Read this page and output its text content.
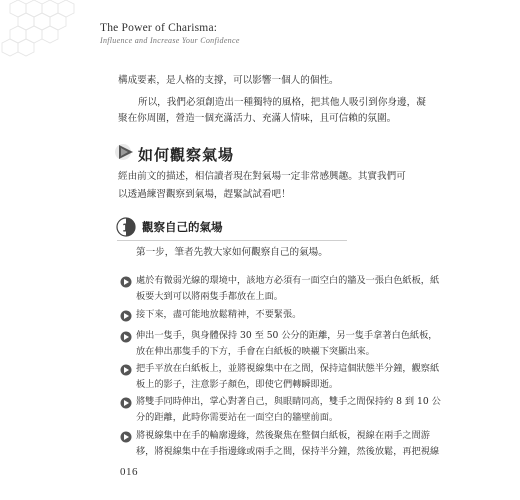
The Power of Charisma:
Influence and Increase Your Confidence
構成要素，是人格的支撐，可以影響一個人的個性。
所以，我們必須創造出一種獨特的風格，把其他人吸引到你身邊，凝
聚在你周圍，營造一個充滿活力、充滿人情味，且可信賴的氛圍。
如何觀察氣場
經由前文的描述，相信讀者現在對氣場一定非常感興趣。其實我們可
以透過練習觀察到氣場，趕緊試試看吧！
1 觀察自己的氣場
第一步，筆者先教大家如何觀察自己的氣場。
處於有微弱光線的環境中，該地方必須有一面空白的牆及一張白色紙板，紙
板要大到可以將兩隻手都放在上面。
接下來，盡可能地放鬆精神，不要緊張。
伸出一隻手，與身體保持 30 至 50 公分的距離，另一隻手拿著白色紙板，
放在伸出那隻手的下方，手會在白紙板的映襯下突顯出來。
把手平放在白紙板上，並將視線集中在之間，保持這個狀態半分鐘，觀察紙
板上的影子，注意影子顏色，即使它們轉瞬即逝。
將雙手同時伸出，掌心對著自己，與眼睛同高，雙手之間保持約 8 到 10 公
分的距離，此時你需要站在一面空白的牆壁前面。
將視線集中在手的輪廓邊緣，然後聚焦在整個白紙板，視線在兩手之間游
移，將視線集中在手指邊緣或兩手之間，保持半分鐘，然後放鬆，再把視線
016
